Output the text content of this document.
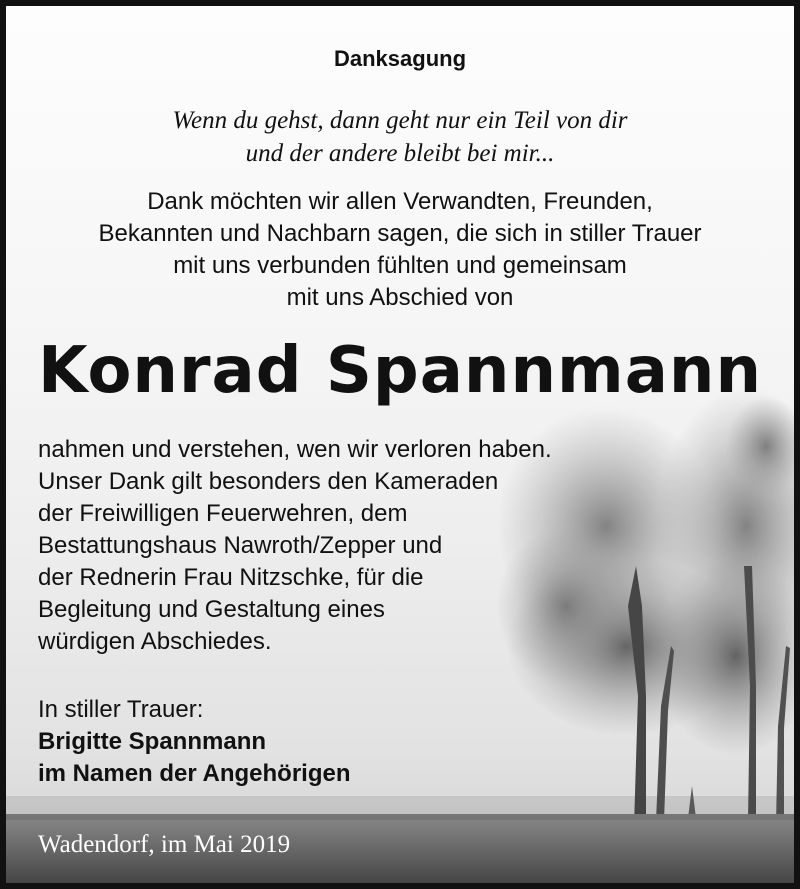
Danksagung
Wenn du gehst, dann geht nur ein Teil von dir
und der andere bleibt bei mir...
Dank möchten wir allen Verwandten, Freunden,
Bekannten und Nachbarn sagen, die sich in stiller Trauer
mit uns verbunden fühlten und gemeinsam
mit uns Abschied von
Konrad Spannmann
nahmen und verstehen, wen wir verloren haben.
Unser Dank gilt besonders den Kameraden
der Freiwilligen Feuerwehren, dem
Bestattungshaus Nawroth/Zepper und
der Rednerin Frau Nitzschke, für die
Begleitung und Gestaltung eines
würdigen Abschiedes.
In stiller Trauer:
Brigitte Spannmann
im Namen der Angehörigen
Wadendorf, im Mai 2019
